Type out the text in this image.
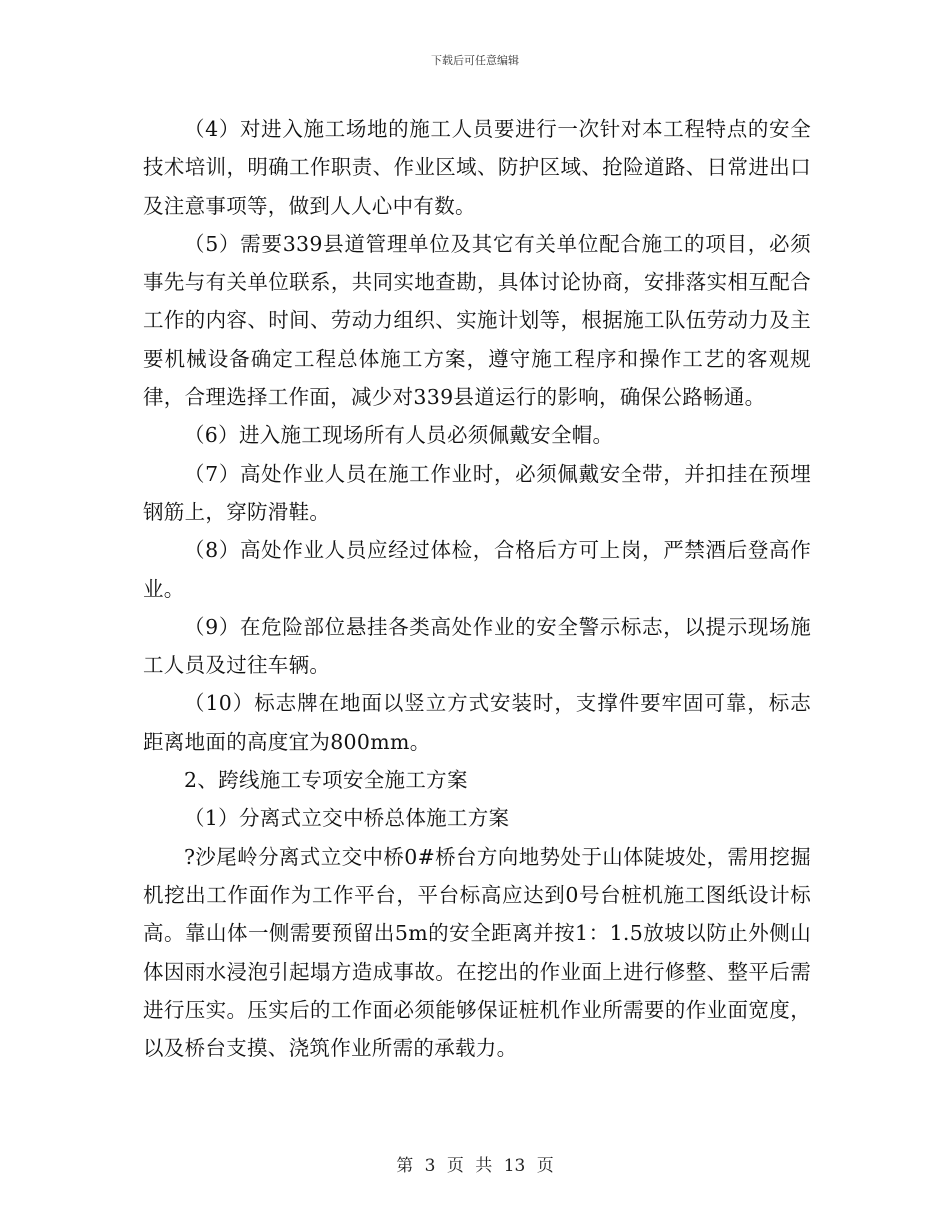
下载后可任意编辑

（4）对进入施工场地的施工人员要进行一次针对本工程特点的安全技术培训，明确工作职责、作业区域、防护区域、抢险道路、日常进出口及注意事项等，做到人人心中有数。

（5）需要339县道管理单位及其它有关单位配合施工的项目，必须事先与有关单位联系，共同实地查勘，具体讨论协商，安排落实相互配合工作的内容、时间、劳动力组织、实施计划等，根据施工队伍劳动力及主要机械设备确定工程总体施工方案，遵守施工程序和操作工艺的客观规律，合理选择工作面，减少对339县道运行的影响，确保公路畅通。

（6）进入施工现场所有人员必须佩戴安全帽。

（7）高处作业人员在施工作业时，必须佩戴安全带，并扣挂在预埋钢筋上，穿防滑鞋。

（8）高处作业人员应经过体检，合格后方可上岗，严禁酒后登高作业。

（9）在危险部位悬挂各类高处作业的安全警示标志，以提示现场施工人员及过往车辆。

（10）标志牌在地面以竖立方式安装时，支撑件要牢固可靠，标志距离地面的高度宜为800mm。

2、跨线施工专项安全施工方案

（1）分离式立交中桥总体施工方案

?沙尾岭分离式立交中桥0#桥台方向地势处于山体陡坡处，需用挖掘机挖出工作面作为工作平台，平台标高应达到0号台桩机施工图纸设计标高。靠山体一侧需要预留出5m的安全距离并按1：1.5放坡以防止外侧山体因雨水浸泡引起塌方造成事故。在挖出的作业面上进行修整、整平后需进行压实。压实后的工作面必须能够保证桩机作业所需要的作业面宽度，以及桥台支摸、浇筑作业所需的承载力。

第 3 页 共 13 页
